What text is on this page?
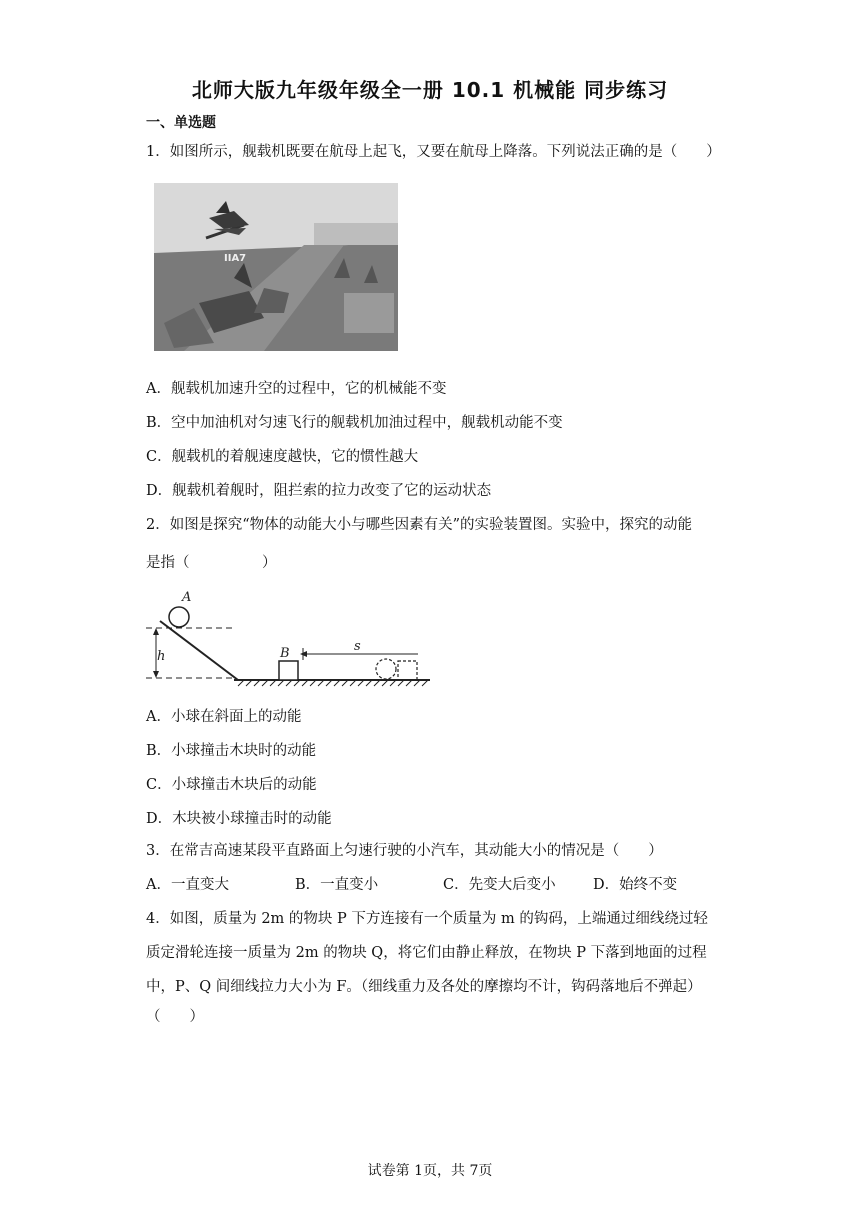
北师大版九年级年级全一册 10.1 机械能 同步练习
一、单选题
1．如图所示，舰载机既要在航母上起飞，又要在航母上降落。下列说法正确的是（　　）
IIA7
A．舰载机加速升空的过程中，它的机械能不变
B．空中加油机对匀速飞行的舰载机加油过程中，舰载机动能不变
C．舰载机的着舰速度越快，它的惯性越大
D．舰载机着舰时，阻拦索的拉力改变了它的运动状态
2．如图是探究“物体的动能大小与哪些因素有关”的实验装置图。实验中，探究的动能
是指（　　　　　）
h
A
B	s
A．小球在斜面上的动能
B．小球撞击木块时的动能
C．小球撞击木块后的动能
D．木块被小球撞击时的动能
3．在常吉高速某段平直路面上匀速行驶的小汽车，其动能大小的情况是（　　）
A．一直变大	B．一直变小	C．先变大后变小	D．始终不变
4．如图，质量为 2m 的物块 P 下方连接有一个质量为 m 的钩码，上端通过细线绕过轻
质定滑轮连接一质量为 2m 的物块 Q，将它们由静止释放，在物块 P 下落到地面的过程
中，P、Q 间细线拉力大小为 F。（细线重力及各处的摩擦均不计，钩码落地后不弹起）
（　　）
试卷第 1页，共 7页
